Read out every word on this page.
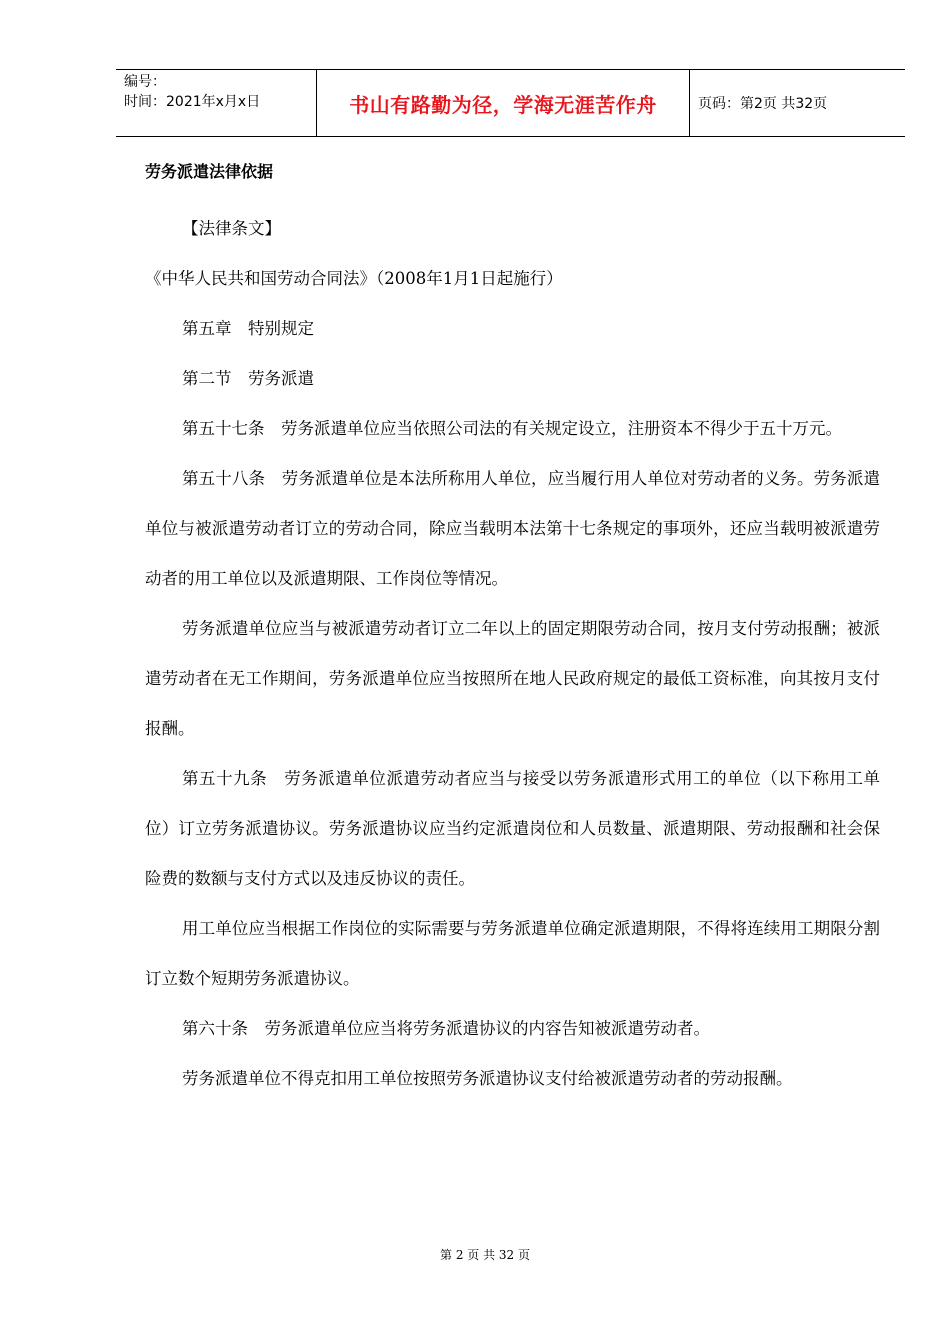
编号：
时间：2021年x月x日	书山有路勤为径，学海无涯苦作舟	页码：第2页 共32页
劳务派遣法律依据

【法律条文】

《中华人民共和国劳动合同法》（2008年1月1日起施行）

第五章　特别规定

第二节　劳务派遣

第五十七条　劳务派遣单位应当依照公司法的有关规定设立，注册资本不得少于五十万元。

第五十八条　劳务派遣单位是本法所称用人单位，应当履行用人单位对劳动者的义务。劳务派遣单位与被派遣劳动者订立的劳动合同，除应当载明本法第十七条规定的事项外，还应当载明被派遣劳动者的用工单位以及派遣期限、工作岗位等情况。

劳务派遣单位应当与被派遣劳动者订立二年以上的固定期限劳动合同，按月支付劳动报酬；被派遣劳动者在无工作期间，劳务派遣单位应当按照所在地人民政府规定的最低工资标准，向其按月支付报酬。

第五十九条　劳务派遣单位派遣劳动者应当与接受以劳务派遣形式用工的单位（以下称用工单位）订立劳务派遣协议。劳务派遣协议应当约定派遣岗位和人员数量、派遣期限、劳动报酬和社会保险费的数额与支付方式以及违反协议的责任。

用工单位应当根据工作岗位的实际需要与劳务派遣单位确定派遣期限，不得将连续用工期限分割订立数个短期劳务派遣协议。

第六十条　劳务派遣单位应当将劳务派遣协议的内容告知被派遣劳动者。

劳务派遣单位不得克扣用工单位按照劳务派遣协议支付给被派遣劳动者的劳动报酬。

第 2 页 共 32 页
